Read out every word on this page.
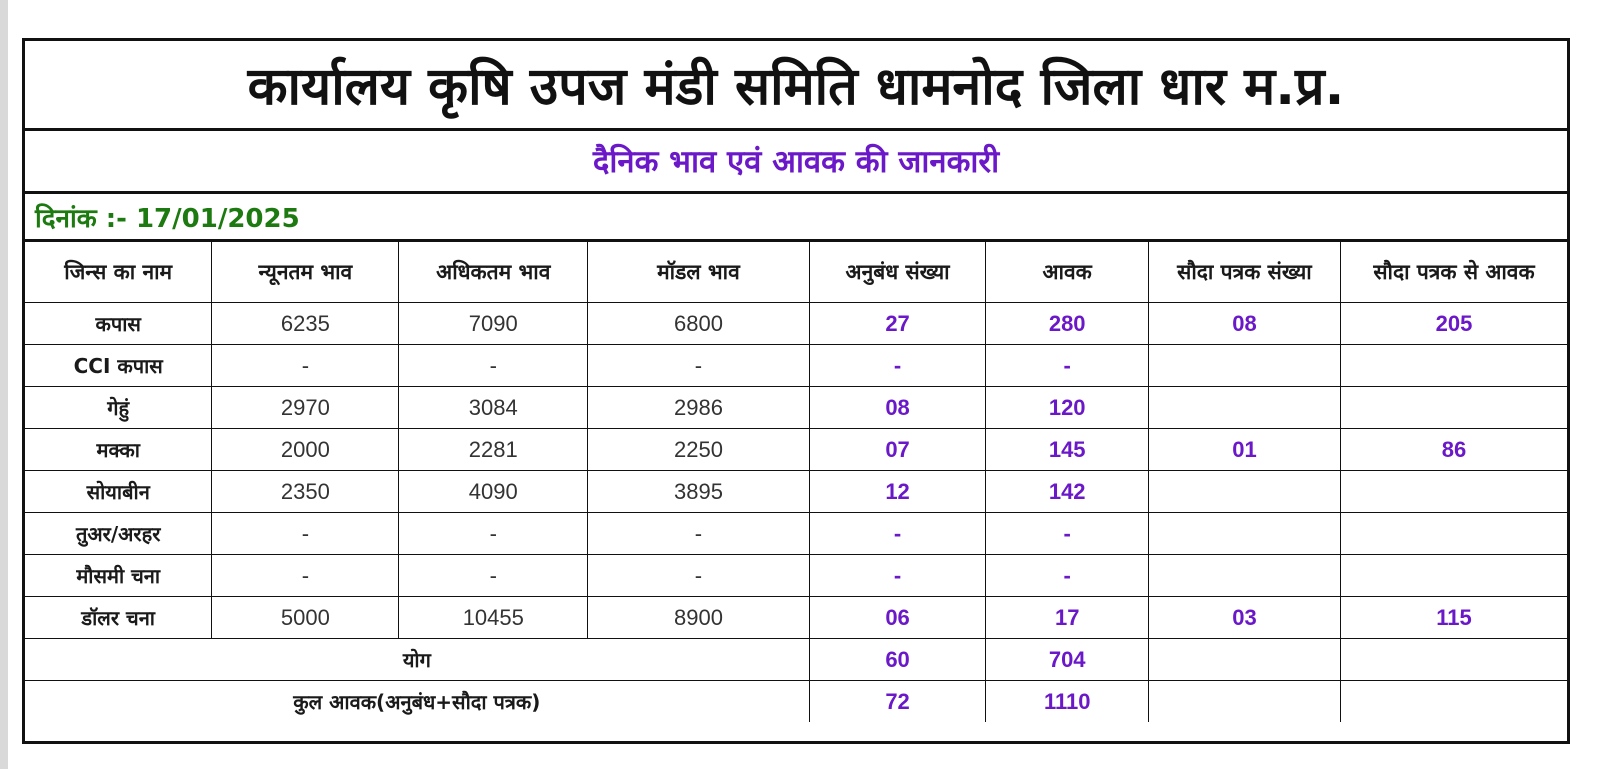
कार्यालय कृषि उपज मंडी समिति धामनोद जिला धार म.प्र.
दैनिक भाव एवं आवक की जानकारी
दिनांक :- 17/01/2025
जिन्स का नाम	न्यूनतम भाव	अधिकतम भाव	मॉडल भाव	अनुबंध संख्या	आवक	सौदा पत्रक संख्या	सौदा पत्रक से आवक
कपास	6235	7090	6800	27	280	08	205
CCI कपास	-	-	-	-	-		
गेहुं	2970	3084	2986	08	120		
मक्का	2000	2281	2250	07	145	01	86
सोयाबीन	2350	4090	3895	12	142		
तुअर/अरहर	-	-	-	-	-		
मौसमी चना	-	-	-	-	-		
डॉलर चना	5000	10455	8900	06	17	03	115
योग				60	704		
कुल आवक(अनुबंध+सौदा पत्रक)				72	1110		
